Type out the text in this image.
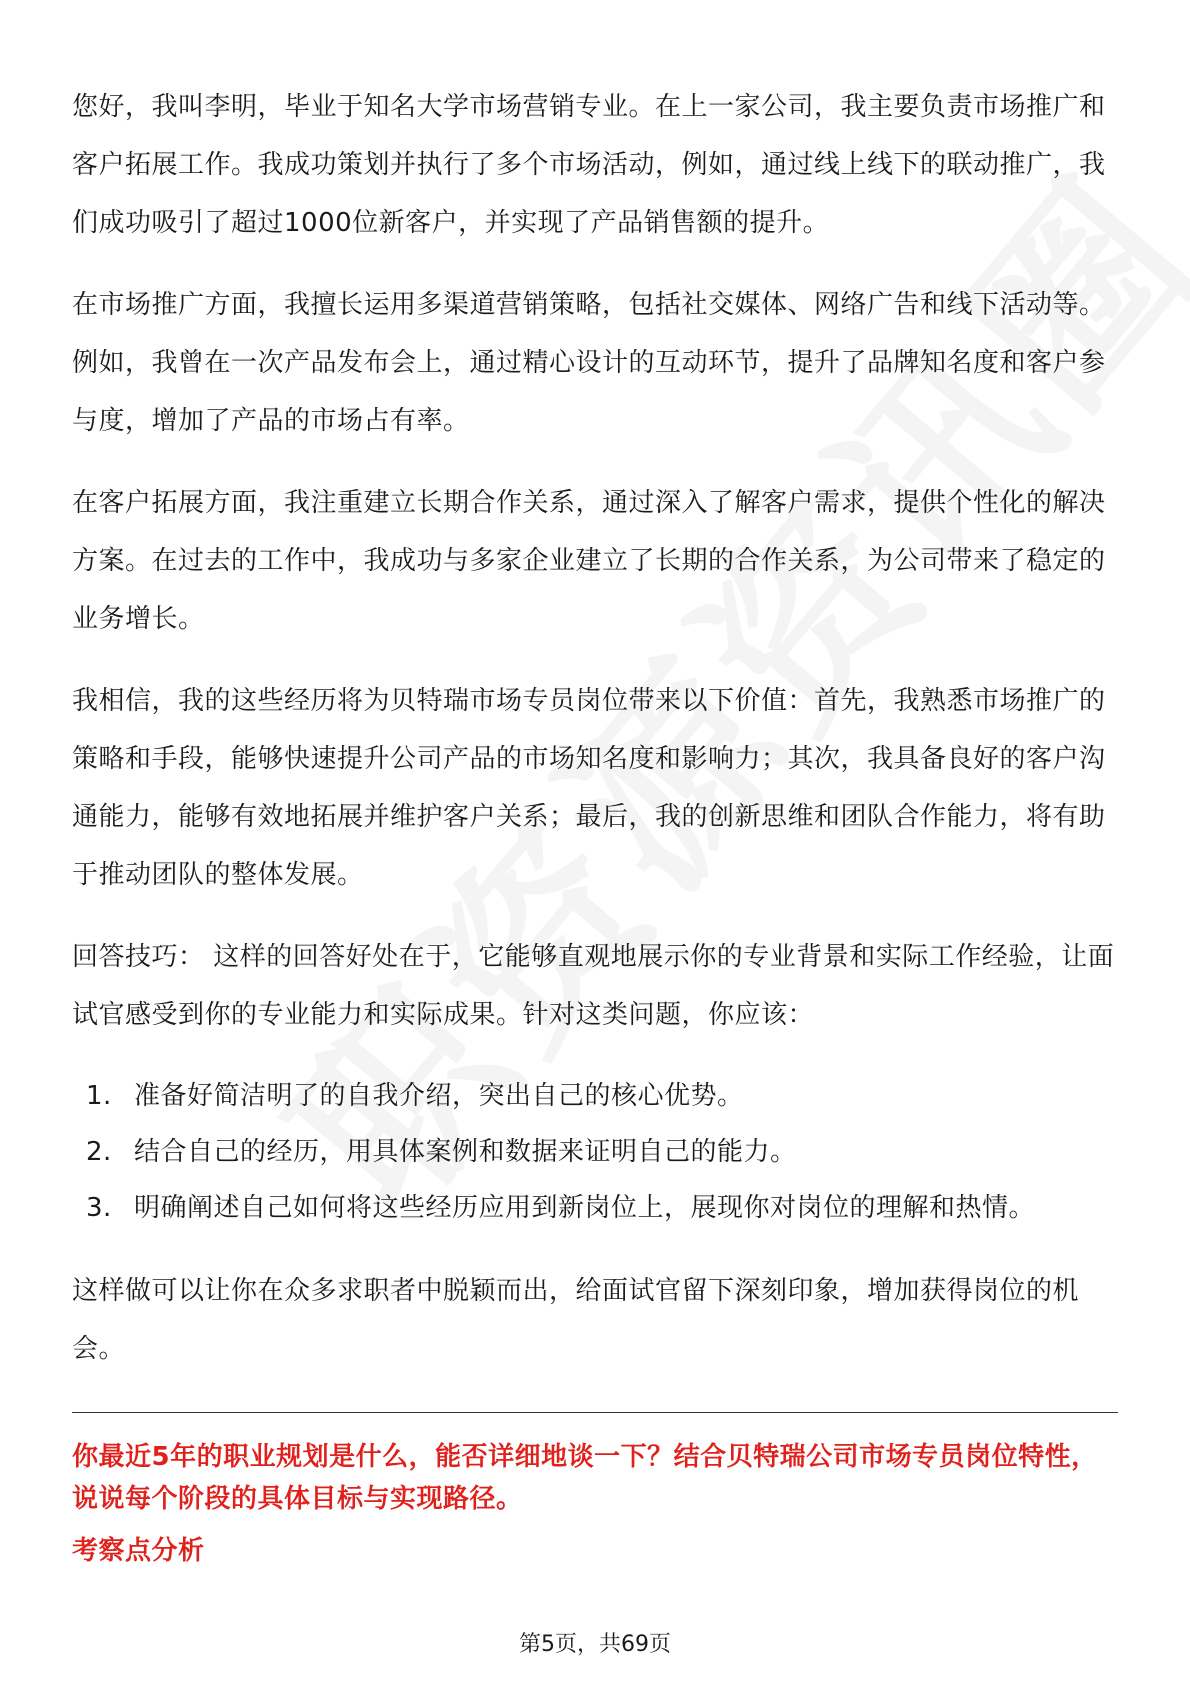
您好，我叫李明，毕业于知名大学市场营销专业。在上一家公司，我主要负责市场推广和客户拓展工作。我成功策划并执行了多个市场活动，例如，通过线上线下的联动推广，我们成功吸引了超过1000位新客户，并实现了产品销售额的提升。

在市场推广方面，我擅长运用多渠道营销策略，包括社交媒体、网络广告和线下活动等。例如，我曾在一次产品发布会上，通过精心设计的互动环节，提升了品牌知名度和客户参与度，增加了产品的市场占有率。

在客户拓展方面，我注重建立长期合作关系，通过深入了解客户需求，提供个性化的解决方案。在过去的工作中，我成功与多家企业建立了长期的合作关系，为公司带来了稳定的业务增长。

我相信，我的这些经历将为贝特瑞市场专员岗位带来以下价值：首先，我熟悉市场推广的策略和手段，能够快速提升公司产品的市场知名度和影响力；其次，我具备良好的客户沟通能力，能够有效地拓展并维护客户关系；最后，我的创新思维和团队合作能力，将有助于推动团队的整体发展。

回答技巧： 这样的回答好处在于，它能够直观地展示你的专业背景和实际工作经验，让面试官感受到你的专业能力和实际成果。针对这类问题，你应该：

1. 准备好简洁明了的自我介绍，突出自己的核心优势。
2. 结合自己的经历，用具体案例和数据来证明自己的能力。
3. 明确阐述自己如何将这些经历应用到新岗位上，展现你对岗位的理解和热情。

这样做可以让你在众多求职者中脱颖而出，给面试官留下深刻印象，增加获得岗位的机会。

你最近5年的职业规划是什么，能否详细地谈一下？结合贝特瑞公司市场专员岗位特性，说说每个阶段的具体目标与实现路径。
考察点分析
第5页，共69页
